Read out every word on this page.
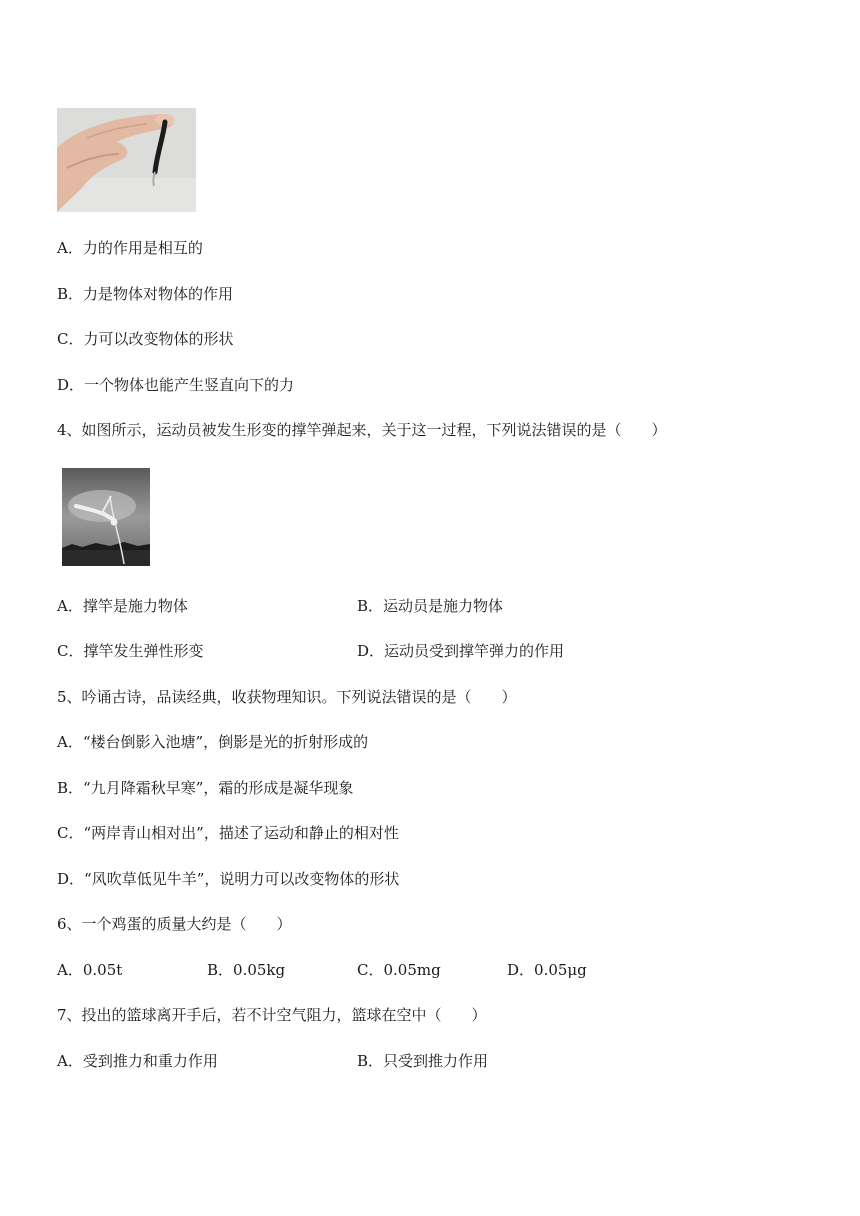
A．力的作用是相互的
B．力是物体对物体的作用
C．力可以改变物体的形状
D．一个物体也能产生竖直向下的力
4、如图所示，运动员被发生形变的撑竿弹起来，关于这一过程，下列说法错误的是（　　）
A．撑竿是施力物体	B．运动员是施力物体
C．撑竿发生弹性形变	D．运动员受到撑竿弹力的作用
5、吟诵古诗，品读经典，收获物理知识。下列说法错误的是（　　）
A．“楼台倒影入池塘”，倒影是光的折射形成的
B．“九月降霜秋早寒”，霜的形成是凝华现象
C．“两岸青山相对出”，描述了运动和静止的相对性
D．“风吹草低见牛羊”，说明力可以改变物体的形状
6、一个鸡蛋的质量大约是（　　）
A．0.05t	B．0.05kg	C．0.05mg	D．0.05μg
7、投出的篮球离开手后，若不计空气阻力，篮球在空中（　　）
A．受到推力和重力作用	B．只受到推力作用
